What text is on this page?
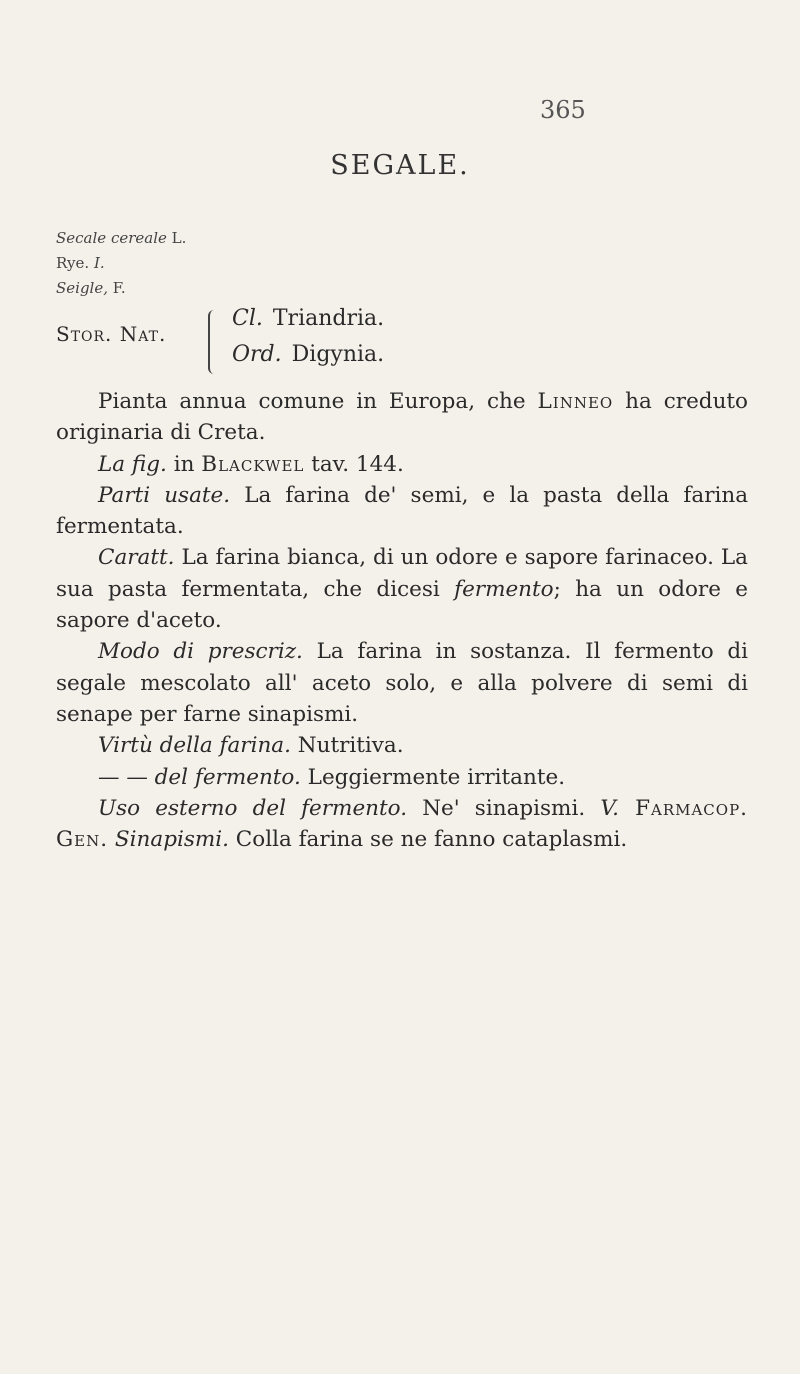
365
SEGALE.
Secale cereale L.
Rye. I.
Seigle, F.
Stor. Nat.
Cl. Triandria.
Ord. Digynia.

Pianta annua comune in Europa, che Linneo ha creduto originaria di Creta.

La fig. in Blackwel tav. 144.

Parti usate. La farina de' semi, e la pasta della farina fermentata.

Caratt. La farina bianca, di un odore e sapore farinaceo. La sua pasta fermentata, che dicesi fermento; ha un odore e sapore d'aceto.

Modo di prescriz. La farina in sostanza. Il fermento di segale mescolato all' aceto solo, e alla polvere di semi di senape per farne sinapismi.

Virtù della farina. Nutritiva.

— — del fermento. Leggiermente irritante.

Uso esterno del fermento. Ne' sinapismi. V. Farmacop. Gen. Sinapismi. Colla farina se ne fanno cataplasmi.
